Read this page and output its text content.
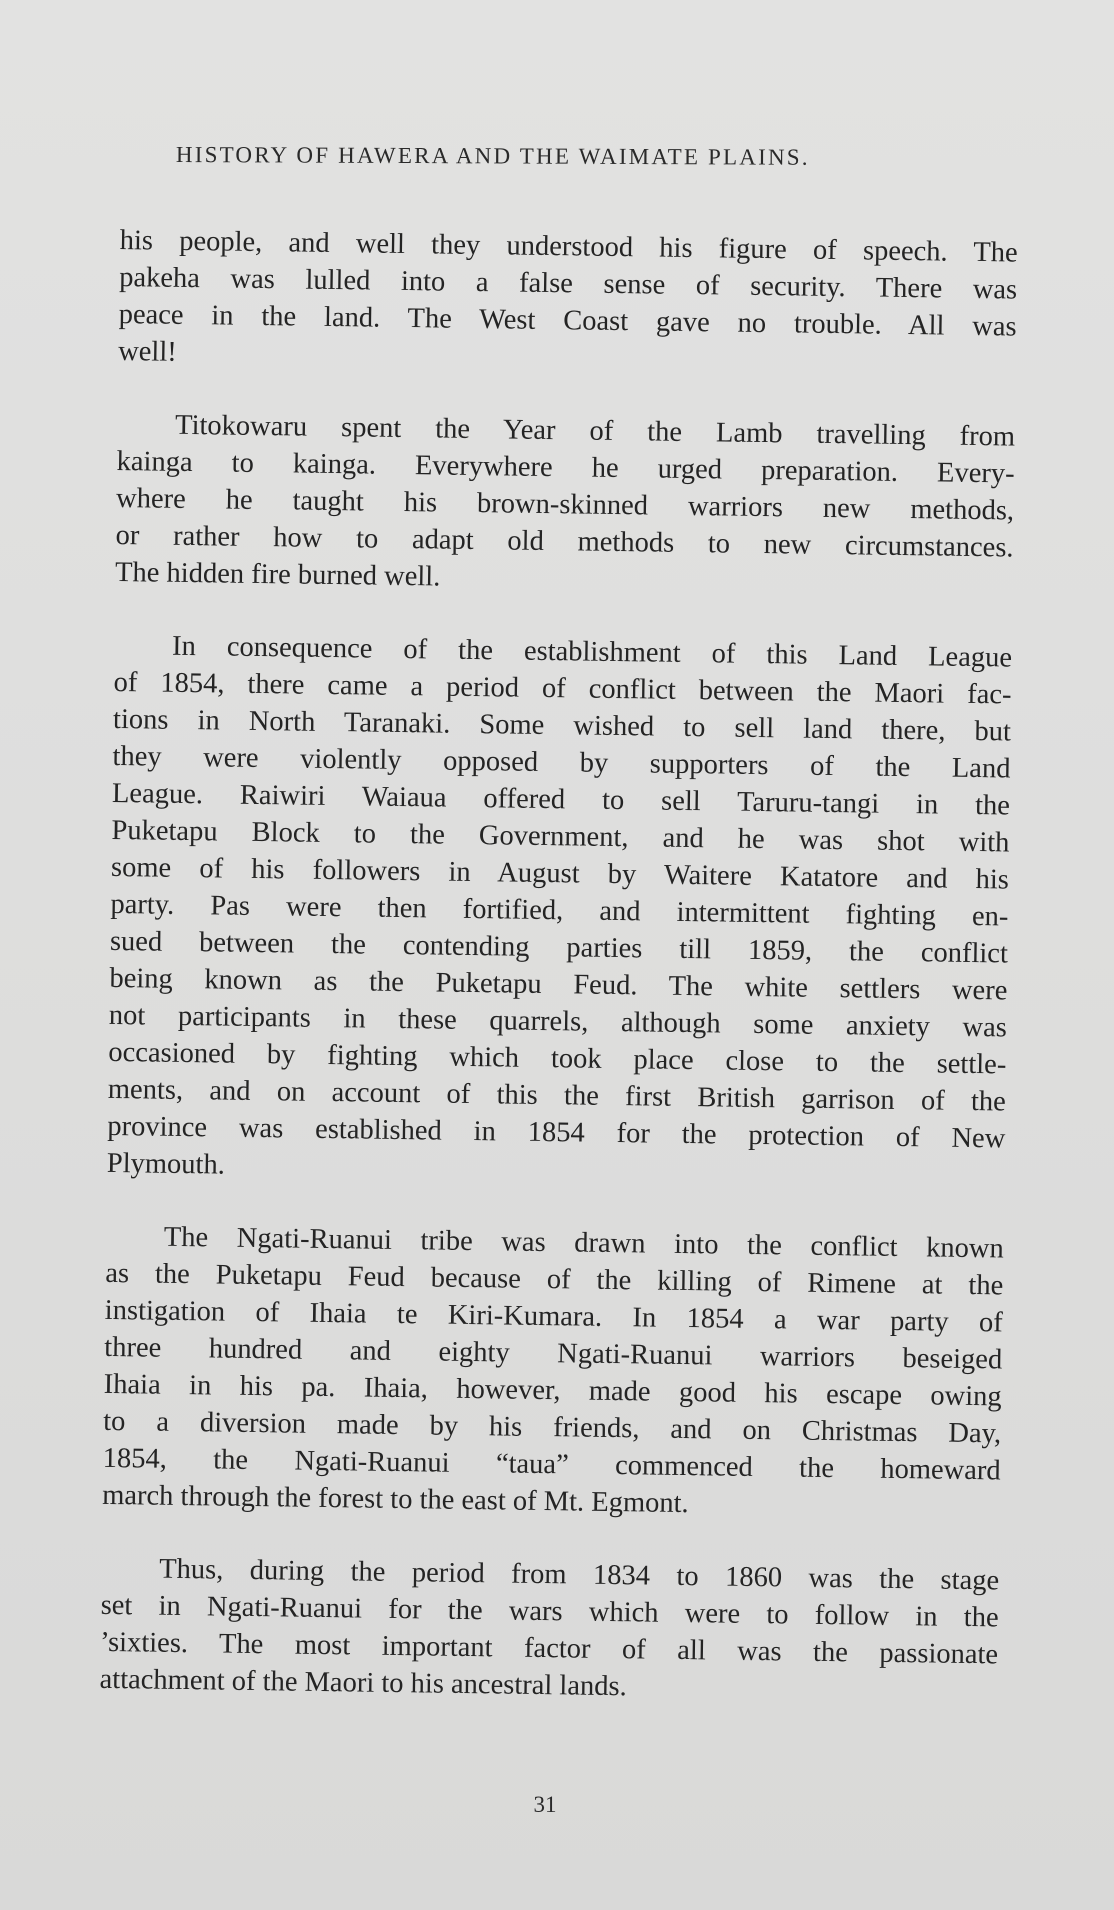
HISTORY OF HAWERA AND THE WAIMATE PLAINS.
his people, and well they understood his figure of speech. The
pakeha was lulled into a false sense of security. There was
peace in the land. The West Coast gave no trouble. All was
well!
Titokowaru spent the Year of the Lamb travelling from
kainga to kainga. Everywhere he urged preparation. Every-
where he taught his brown-skinned warriors new methods,
or rather how to adapt old methods to new circumstances.
The hidden fire burned well.
In consequence of the establishment of this Land League
of 1854, there came a period of conflict between the Maori fac-
tions in North Taranaki. Some wished to sell land there, but
they were violently opposed by supporters of the Land
League. Raiwiri Waiaua offered to sell Taruru-tangi in the
Puketapu Block to the Government, and he was shot with
some of his followers in August by Waitere Katatore and his
party. Pas were then fortified, and intermittent fighting en-
sued between the contending parties till 1859, the conflict
being known as the Puketapu Feud. The white settlers were
not participants in these quarrels, although some anxiety was
occasioned by fighting which took place close to the settle-
ments, and on account of this the first British garrison of the
province was established in 1854 for the protection of New
Plymouth.
The Ngati-Ruanui tribe was drawn into the conflict known
as the Puketapu Feud because of the killing of Rimene at the
instigation of Ihaia te Kiri-Kumara. In 1854 a war party of
three hundred and eighty Ngati-Ruanui warriors beseiged
Ihaia in his pa. Ihaia, however, made good his escape owing
to a diversion made by his friends, and on Christmas Day,
1854, the Ngati-Ruanui “taua” commenced the homeward
march through the forest to the east of Mt. Egmont.
Thus, during the period from 1834 to 1860 was the stage
set in Ngati-Ruanui for the wars which were to follow in the
’sixties. The most important factor of all was the passionate
attachment of the Maori to his ancestral lands.
31
